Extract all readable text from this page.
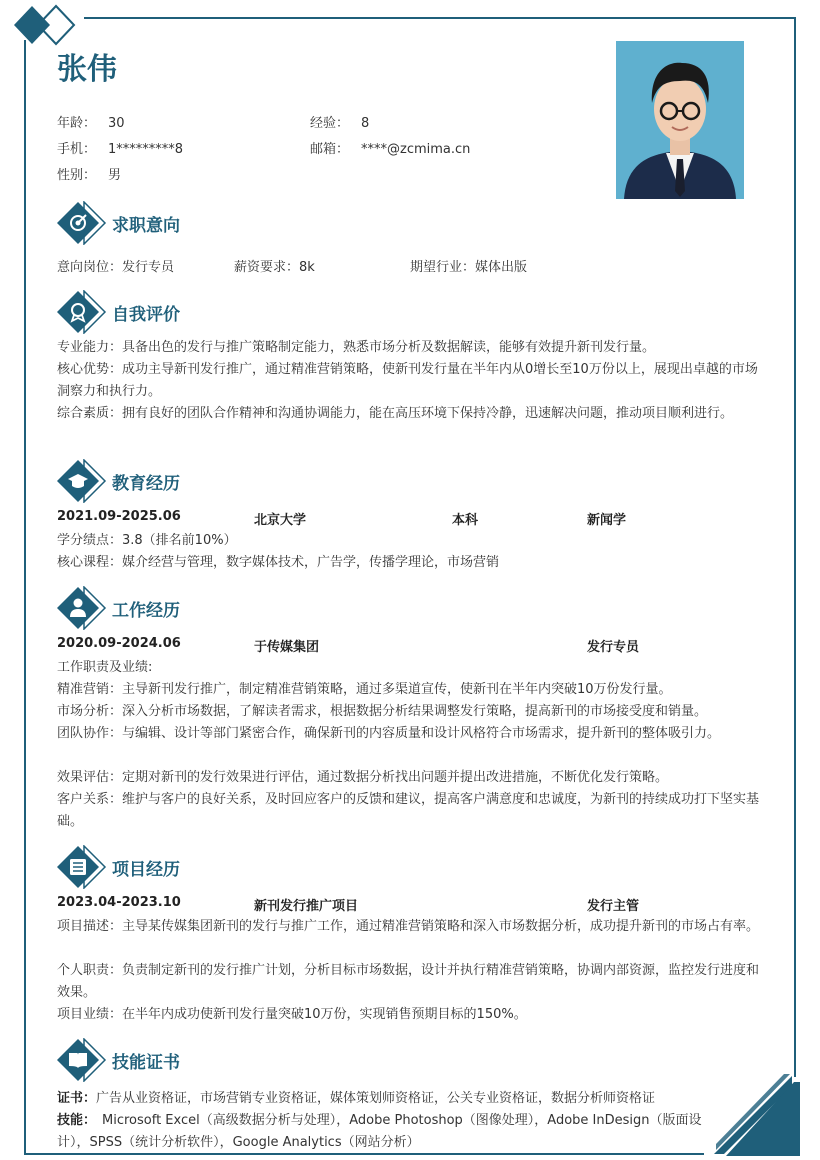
张伟
年龄： 30	经验： 8
手机： 1*********8	邮箱： ****@zcmima.cn
性别： 男
求职意向
意向岗位：发行专员	薪资要求：8k	期望行业：媒体出版
自我评价
专业能力：具备出色的发行与推广策略制定能力，熟悉市场分析及数据解读，能够有效提升新刊发行量。
核心优势：成功主导新刊发行推广，通过精准营销策略，使新刊发行量在半年内从0增长至10万份以上，展现出卓越的市场洞察力和执行力。
综合素质：拥有良好的团队合作精神和沟通协调能力，能在高压环境下保持冷静，迅速解决问题，推动项目顺利进行。
教育经历
2021.09-2025.06	北京大学	本科	新闻学
学分绩点：3.8（排名前10%）
核心课程：媒介经营与管理，数字媒体技术，广告学，传播学理论，市场营销
工作经历
2020.09-2024.06	于传媒集团	发行专员
工作职责及业绩:
精准营销：主导新刊发行推广，制定精准营销策略，通过多渠道宣传，使新刊在半年内突破10万份发行量。
市场分析：深入分析市场数据，了解读者需求，根据数据分析结果调整发行策略，提高新刊的市场接受度和销量。
团队协作：与编辑、设计等部门紧密合作，确保新刊的内容质量和设计风格符合市场需求，提升新刊的整体吸引力。
效果评估：定期对新刊的发行效果进行评估，通过数据分析找出问题并提出改进措施，不断优化发行策略。
客户关系：维护与客户的良好关系，及时回应客户的反馈和建议，提高客户满意度和忠诚度，为新刊的持续成功打下坚实基础。
项目经历
2023.04-2023.10	新刊发行推广项目	发行主管
项目描述：主导某传媒集团新刊的发行与推广工作，通过精准营销策略和深入市场数据分析，成功提升新刊的市场占有率。
个人职责：负责制定新刊的发行推广计划，分析目标市场数据，设计并执行精准营销策略，协调内部资源，监控发行进度和效果。
项目业绩：在半年内成功使新刊发行量突破10万份，实现销售预期目标的150%。
技能证书
证书：广告从业资格证，市场营销专业资格证，媒体策划师资格证，公关专业资格证，数据分析师资格证
技能： Microsoft Excel（高级数据分析与处理），Adobe Photoshop（图像处理），Adobe InDesign（版面设
计），SPSS（统计分析软件），Google Analytics（网站分析）
